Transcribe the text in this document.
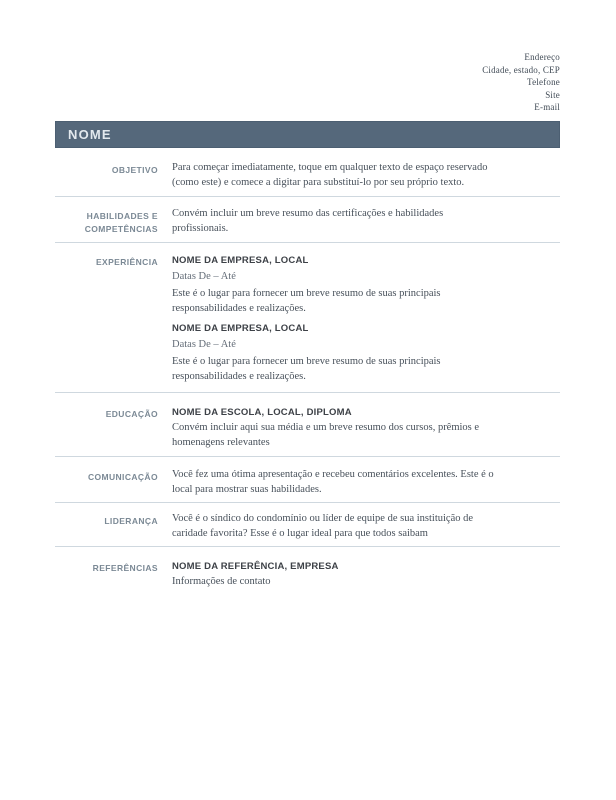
Endereço
Cidade, estado, CEP
Telefone
Site
E-mail
NOME
OBJETIVO Para começar imediatamente, toque em qualquer texto de espaço reservado (como este) e comece a digitar para substituí-lo por seu próprio texto.

HABILIDADES E COMPETÊNCIAS

Convém incluir um breve resumo das certificações e habilidades profissionais.

EXPERIÊNCIA NOME DA EMPRESA, LOCAL
Datas De – Até

Este é o lugar para fornecer um breve resumo de suas principais responsabilidades e realizações.

NOME DA EMPRESA, LOCAL
Datas De – Até

Este é o lugar para fornecer um breve resumo de suas principais responsabilidades e realizações.

EDUCAÇÃO NOME DA ESCOLA, LOCAL, DIPLOMA

Convém incluir aqui sua média e um breve resumo dos cursos, prêmios e homenagens relevantes

COMUNICAÇÃO Você fez uma ótima apresentação e recebeu comentários excelentes. Este é o local para mostrar suas habilidades.

LIDERANÇA Você é o síndico do condomínio ou líder de equipe de sua instituição de caridade favorita? Esse é o lugar ideal para que todos saibam

REFERÊNCIAS NOME DA REFERÊNCIA, EMPRESA

Informações de contato
